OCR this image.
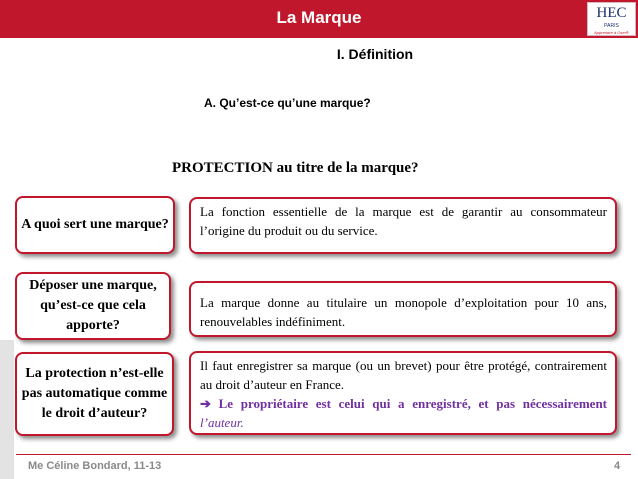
La Marque	HEC
PARIS
Apprendre à Oser®
I. Définition
A. Qu’est-ce qu’une marque?
PROTECTION au titre de la marque?
A quoi sert une marque?
La fonction essentielle de la marque est de garantir au consommateur l’origine du produit ou du service.
Déposer une marque, qu’est-ce que cela apporte?
La marque donne au titulaire un monopole d’exploitation pour 10 ans, renouvelables indéfiniment.
La protection n’est-elle pas automatique comme le droit d’auteur?
Il faut enregistrer sa marque (ou un brevet) pour être protégé, contrairement au droit d’auteur en France.
➔ Le propriétaire est celui qui a enregistré, et pas nécessairement l’auteur.
Me Céline Bondard, 11-13	4
